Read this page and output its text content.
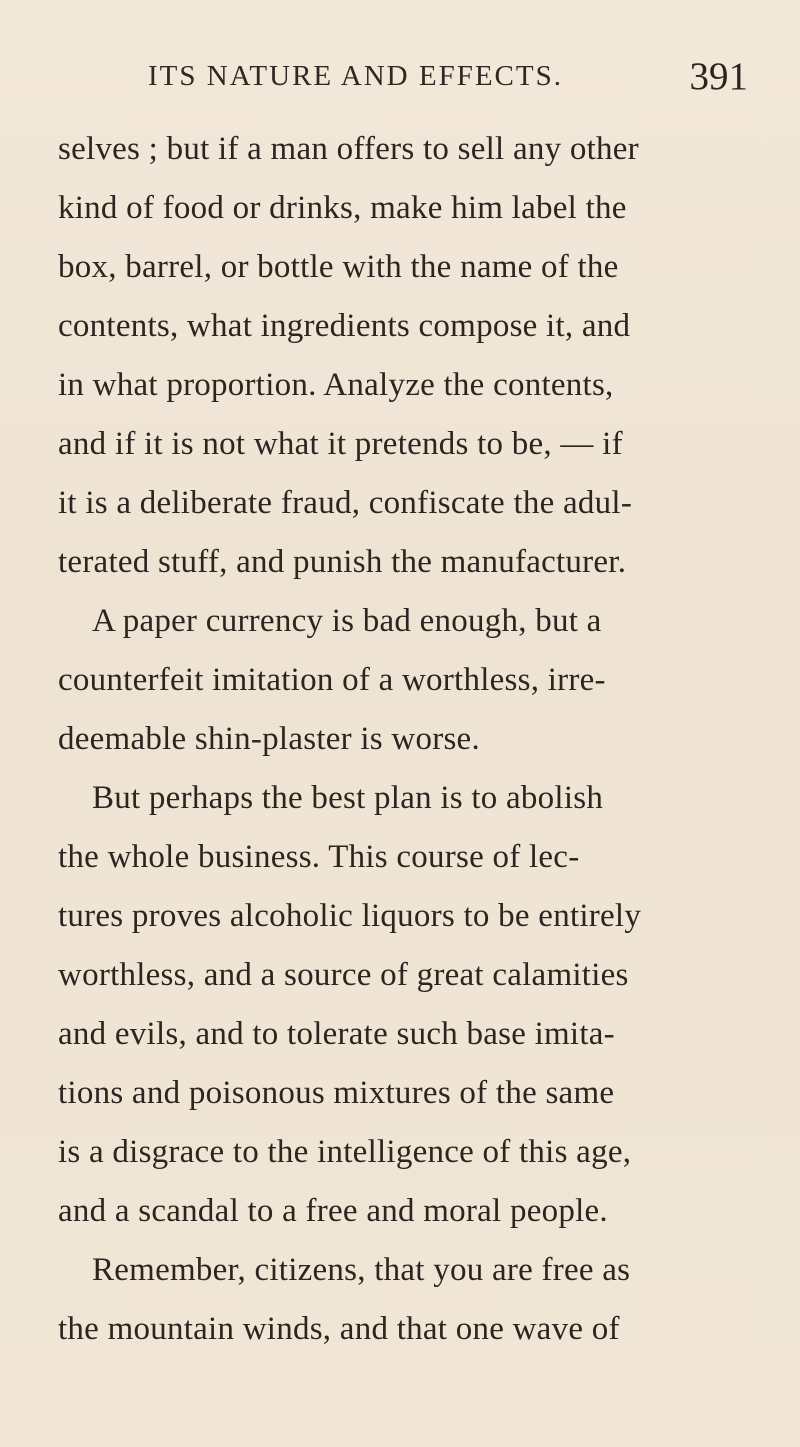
ITS NATURE AND EFFECTS.	391
selves ; but if a man offers to sell any other
kind of food or drinks, make him label the
box, barrel, or bottle with the name of the
contents, what ingredients compose it, and
in what proportion. Analyze the contents,
and if it is not what it pretends to be, — if
it is a deliberate fraud, confiscate the adul-
terated stuff, and punish the manufacturer.
A paper currency is bad enough, but a
counterfeit imitation of a worthless, irre-
deemable shin-plaster is worse.
But perhaps the best plan is to abolish
the whole business. This course of lec-
tures proves alcoholic liquors to be entirely
worthless, and a source of great calamities
and evils, and to tolerate such base imita-
tions and poisonous mixtures of the same
is a disgrace to the intelligence of this age,
and a scandal to a free and moral people.
Remember, citizens, that you are free as
the mountain winds, and that one wave of
